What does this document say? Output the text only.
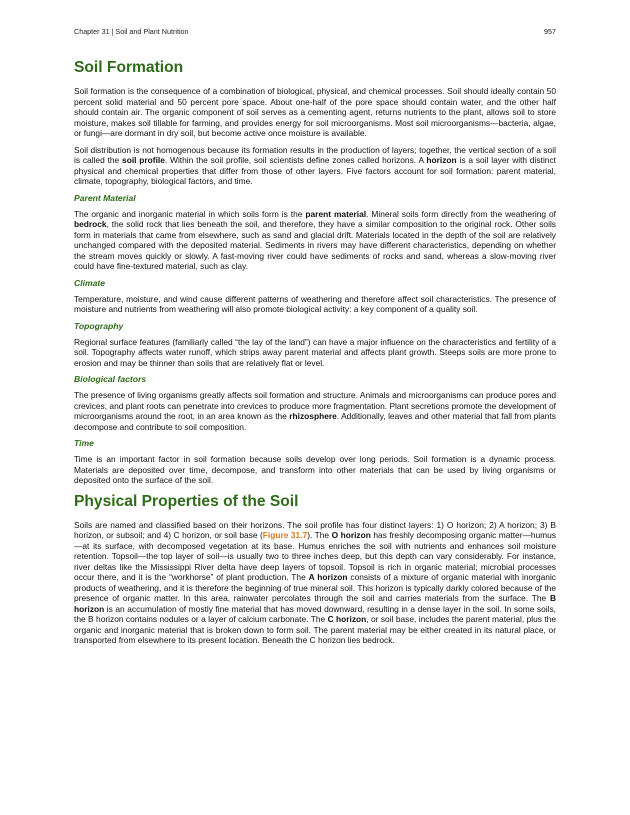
Chapter 31 | Soil and Plant Nutrition	957
Soil Formation

Soil formation is the consequence of a combination of biological, physical, and chemical processes. Soil should ideally contain 50 percent solid material and 50 percent pore space. About one-half of the pore space should contain water, and the other half should contain air. The organic component of soil serves as a cementing agent, returns nutrients to the plant, allows soil to store moisture, makes soil tillable for farming, and provides energy for soil microorganisms. Most soil microorganisms—bacteria, algae, or fungi—are dormant in dry soil, but become active once moisture is available.

Soil distribution is not homogenous because its formation results in the production of layers; together, the vertical section of a soil is called the soil profile. Within the soil profile, soil scientists define zones called horizons. A horizon is a soil layer with distinct physical and chemical properties that differ from those of other layers. Five factors account for soil formation: parent material, climate, topography, biological factors, and time.

Parent Material

The organic and inorganic material in which soils form is the parent material. Mineral soils form directly from the weathering of bedrock, the solid rock that lies beneath the soil, and therefore, they have a similar composition to the original rock. Other soils form in materials that came from elsewhere, such as sand and glacial drift. Materials located in the depth of the soil are relatively unchanged compared with the deposited material. Sediments in rivers may have different characteristics, depending on whether the stream moves quickly or slowly. A fast-moving river could have sediments of rocks and sand, whereas a slow-moving river could have fine-textured material, such as clay.

Climate

Temperature, moisture, and wind cause different patterns of weathering and therefore affect soil characteristics. The presence of moisture and nutrients from weathering will also promote biological activity: a key component of a quality soil.

Topography

Regional surface features (familiarly called “the lay of the land”) can have a major influence on the characteristics and fertility of a soil. Topography affects water runoff, which strips away parent material and affects plant growth. Steeps soils are more prone to erosion and may be thinner than soils that are relatively flat or level.

Biological factors

The presence of living organisms greatly affects soil formation and structure. Animals and microorganisms can produce pores and crevices, and plant roots can penetrate into crevices to produce more fragmentation. Plant secretions promote the development of microorganisms around the root, in an area known as the rhizosphere. Additionally, leaves and other material that fall from plants decompose and contribute to soil composition.

Time

Time is an important factor in soil formation because soils develop over long periods. Soil formation is a dynamic process. Materials are deposited over time, decompose, and transform into other materials that can be used by living organisms or deposited onto the surface of the soil.

Physical Properties of the Soil

Soils are named and classified based on their horizons. The soil profile has four distinct layers: 1) O horizon; 2) A horizon; 3) B horizon, or subsoil; and 4) C horizon, or soil base (Figure 31.7). The O horizon has freshly decomposing organic matter—humus—at its surface, with decomposed vegetation at its base. Humus enriches the soil with nutrients and enhances soil moisture retention. Topsoil—the top layer of soil—is usually two to three inches deep, but this depth can vary considerably. For instance, river deltas like the Mississippi River delta have deep layers of topsoil. Topsoil is rich in organic material; microbial processes occur there, and it is the “workhorse” of plant production. The A horizon consists of a mixture of organic material with inorganic products of weathering, and it is therefore the beginning of true mineral soil. This horizon is typically darkly colored because of the presence of organic matter. In this area, rainwater percolates through the soil and carries materials from the surface. The B horizon is an accumulation of mostly fine material that has moved downward, resulting in a dense layer in the soil. In some soils, the B horizon contains nodules or a layer of calcium carbonate. The C horizon, or soil base, includes the parent material, plus the organic and inorganic material that is broken down to form soil. The parent material may be either created in its natural place, or transported from elsewhere to its present location. Beneath the C horizon lies bedrock.
